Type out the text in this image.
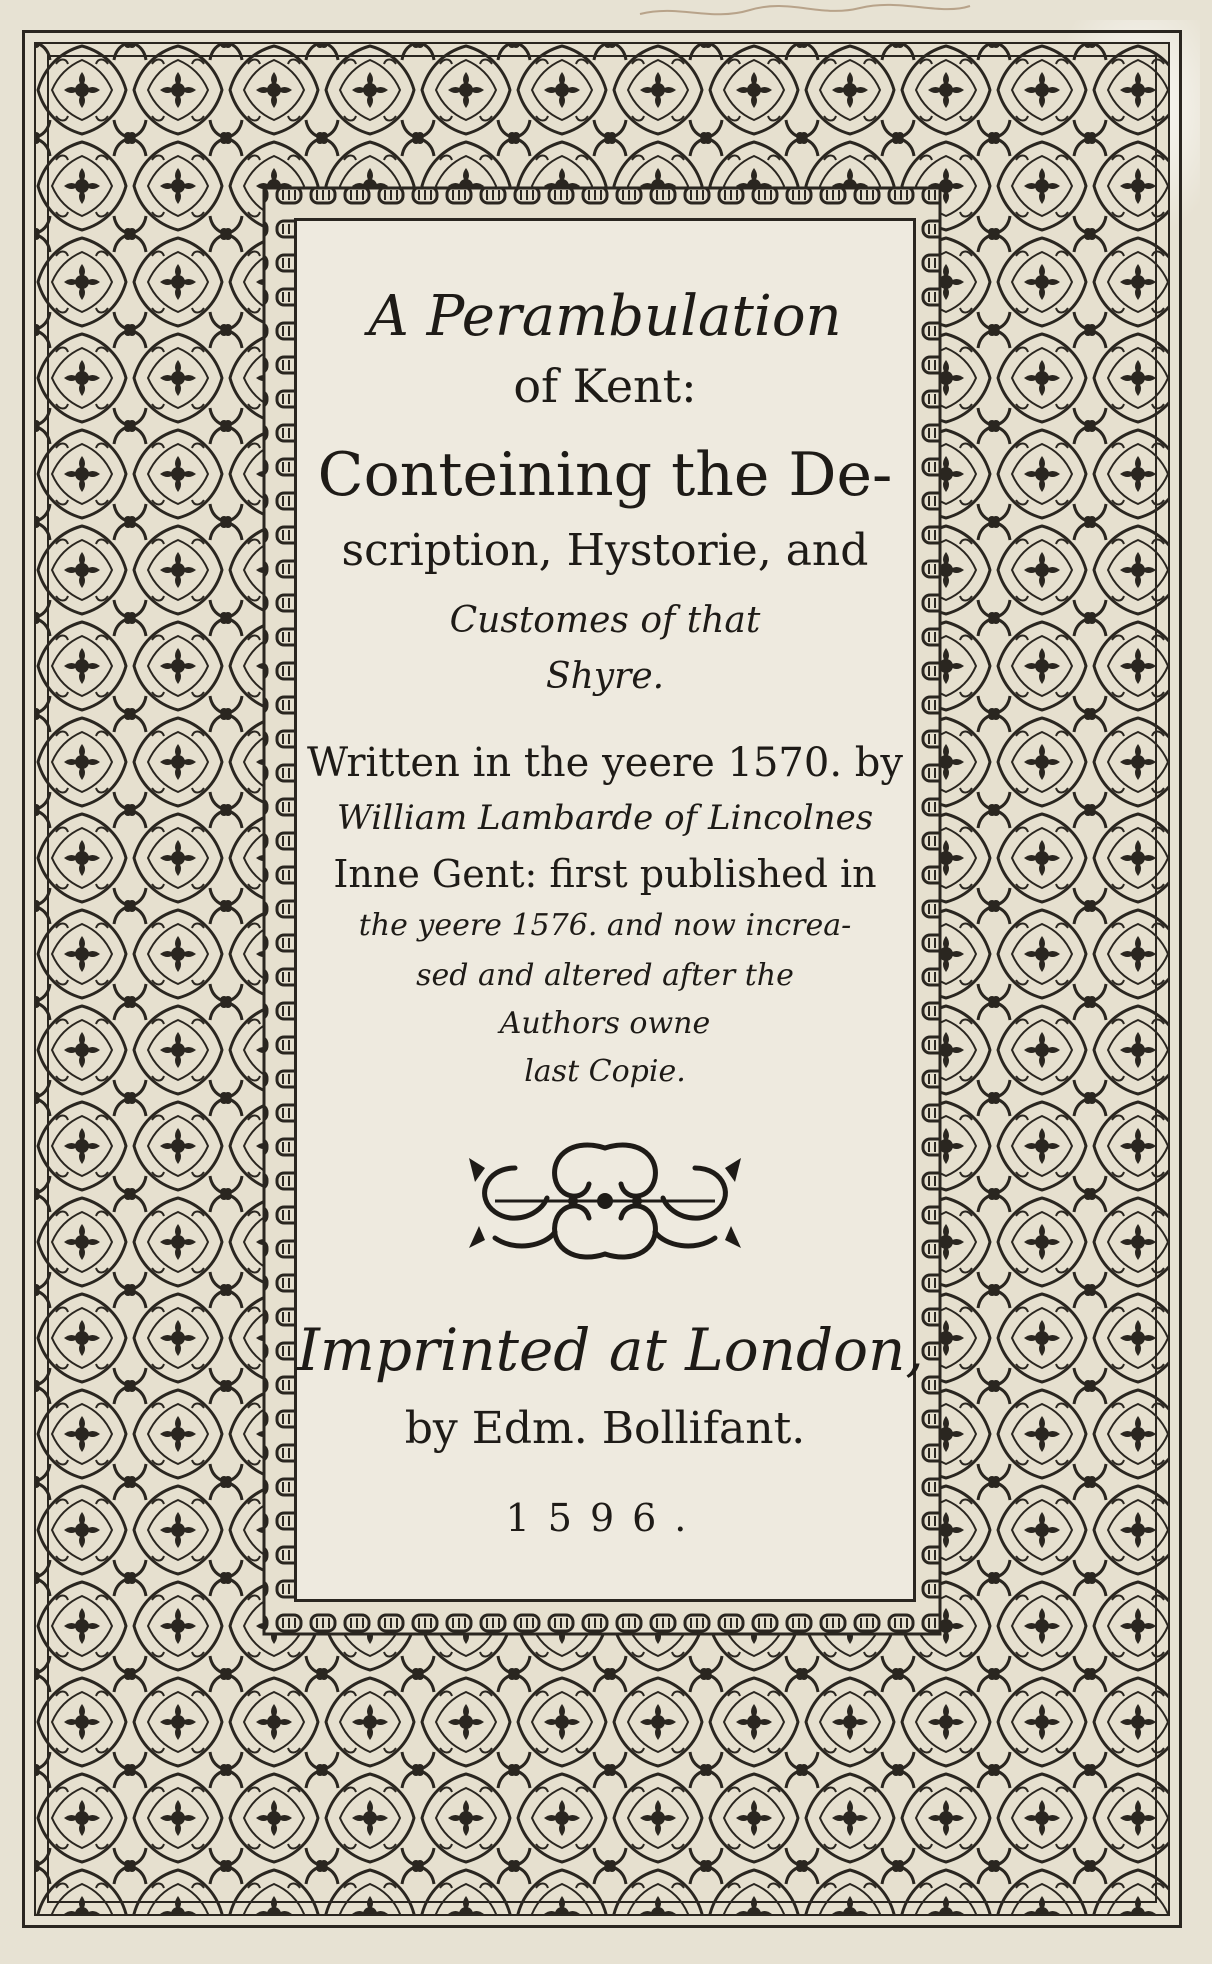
A Perambulation
of Kent:
Conteining the De-
scription, Hystorie, and
Customes of that
Shyre.
Written in the yeere 1570. by
William Lambarde of Lincolnes
Inne Gent: first published in
the yeere 1576. and now increa-
sed and altered after the
Authors owne
last Copie.
Imprinted at London,
by Edm. Bollifant.
1596.
